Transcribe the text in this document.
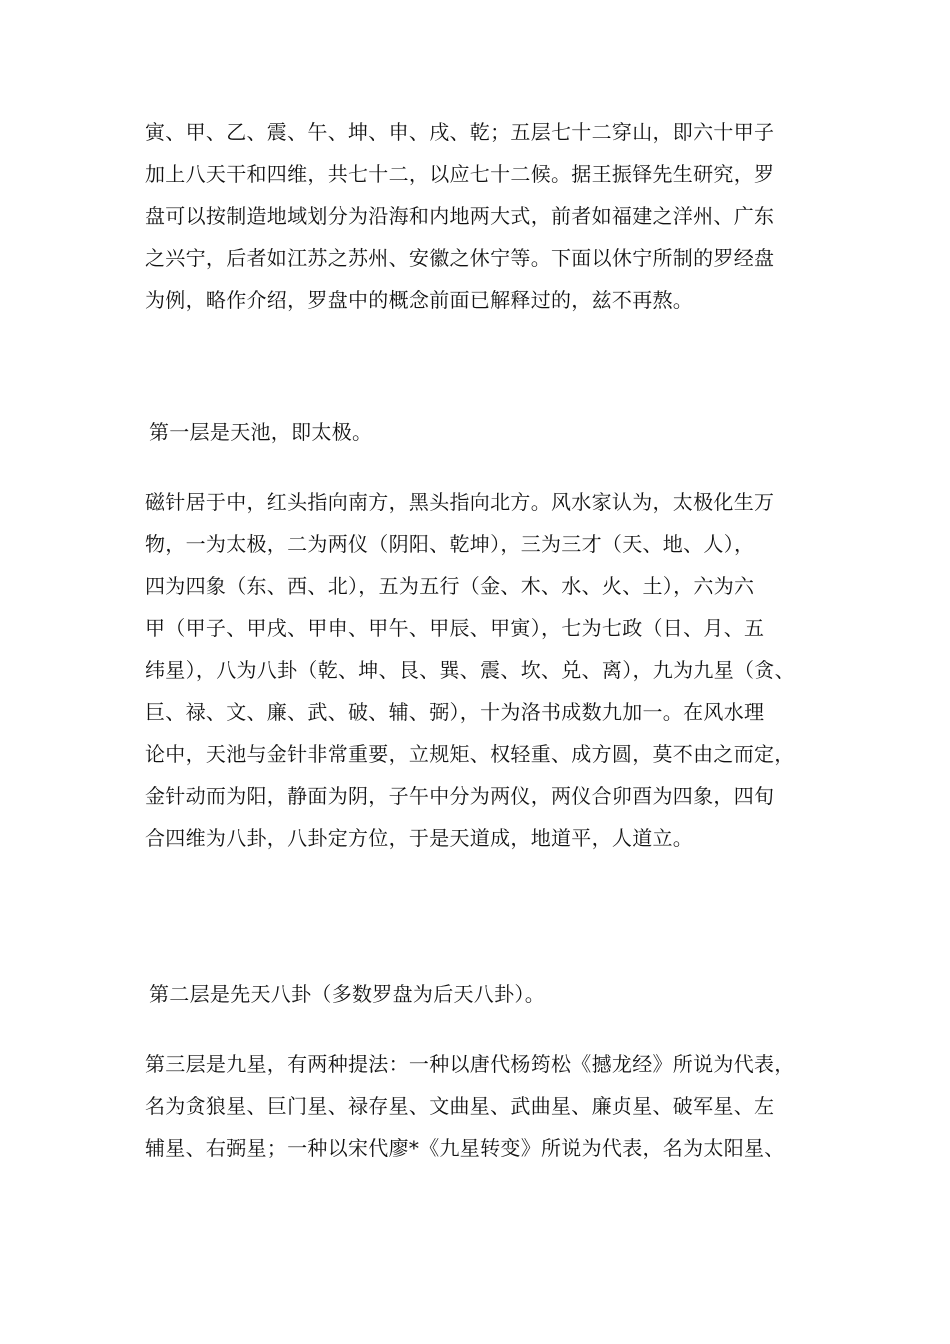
寅、甲、乙、震、午、坤、申、戌、乾；五层七十二穿山，即六十甲子
加上八天干和四维，共七十二，以应七十二候。据王振铎先生研究，罗
盘可以按制造地域划分为沿海和内地两大式，前者如福建之洋州、广东
之兴宁，后者如江苏之苏州、安徽之休宁等。下面以休宁所制的罗经盘
为例，略作介绍，罗盘中的概念前面已解释过的，兹不再熬。
第一层是天池，即太极。
磁针居于中，红头指向南方，黑头指向北方。风水家认为，太极化生万
物，一为太极，二为两仪（阴阳、乾坤），三为三才（天、地、人），
四为四象（东、西、北），五为五行（金、木、水、火、土），六为六
甲（甲子、甲戌、甲申、甲午、甲辰、甲寅），七为七政（日、月、五
纬星），八为八卦（乾、坤、艮、巽、震、坎、兑、离），九为九星（贪、
巨、禄、文、廉、武、破、辅、弼），十为洛书成数九加一。在风水理
论中，天池与金针非常重要，立规矩、权轻重、成方圆，莫不由之而定，
金针动而为阳，静面为阴，子午中分为两仪，两仪合卯酉为四象，四旬
合四维为八卦，八卦定方位，于是天道成，地道平，人道立。
第二层是先天八卦（多数罗盘为后天八卦）。
第三层是九星，有两种提法：一种以唐代杨筠松《撼龙经》所说为代表，
名为贪狼星、巨门星、禄存星、文曲星、武曲星、廉贞星、破军星、左
辅星、右弼星；一种以宋代廖*《九星转变》所说为代表，名为太阳星、
